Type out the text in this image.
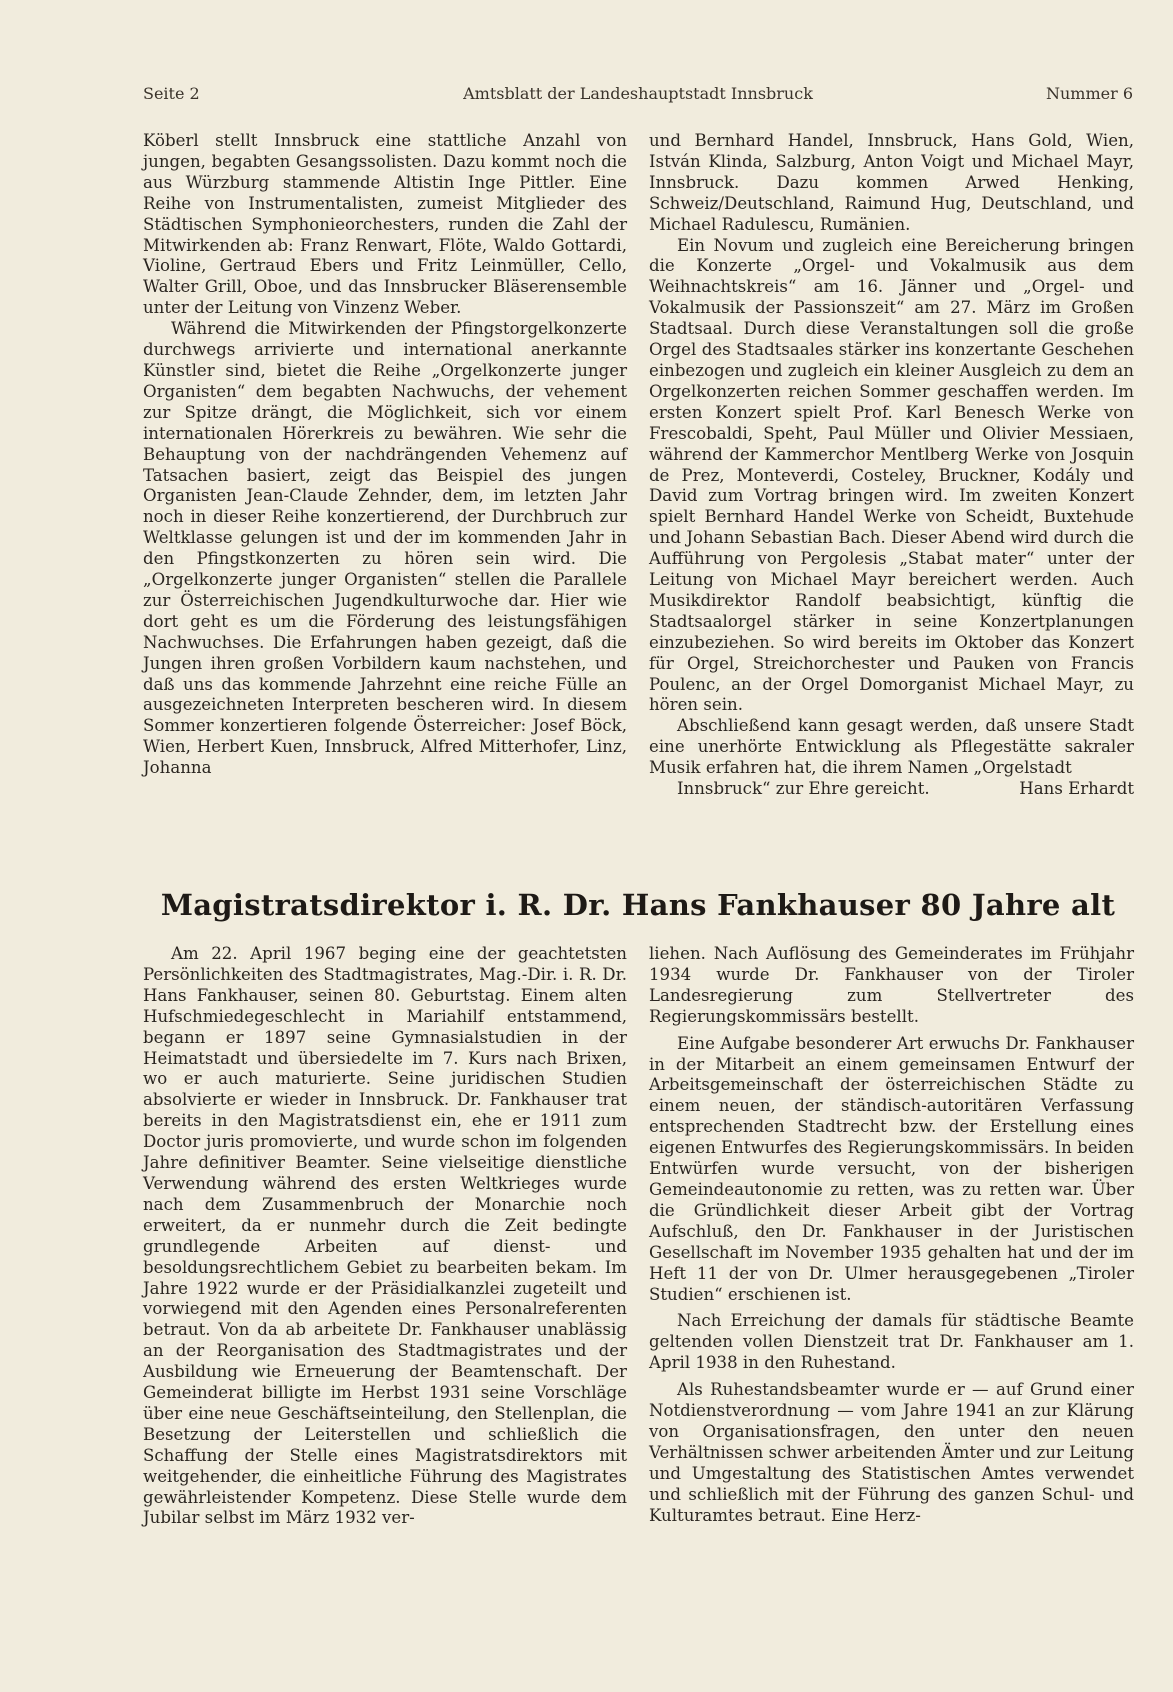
Seite 2	Amtsblatt der Landeshauptstadt Innsbruck	Nummer 6

Köberl stellt Innsbruck eine stattliche Anzahl von jungen, begabten Gesangssolisten. Dazu kommt noch die aus Würzburg stammende Altistin Inge Pittler. Eine Reihe von Instrumentalisten, zumeist Mitglieder des Städtischen Symphonieorchesters, runden die Zahl der Mitwirkenden ab: Franz Renwart, Flöte, Waldo Gottardi, Violine, Gertraud Ebers und Fritz Leinmüller, Cello, Walter Grill, Oboe, und das Innsbrucker Bläserensemble unter der Leitung von Vinzenz Weber.

Während die Mitwirkenden der Pfingstorgelkonzerte durchwegs arrivierte und international anerkannte Künstler sind, bietet die Reihe „Orgelkonzerte junger Organisten“ dem begabten Nachwuchs, der vehement zur Spitze drängt, die Möglichkeit, sich vor einem internationalen Hörerkreis zu bewähren. Wie sehr die Behauptung von der nachdrängenden Vehemenz auf Tatsachen basiert, zeigt das Beispiel des jungen Organisten Jean-Claude Zehnder, dem, im letzten Jahr noch in dieser Reihe konzertierend, der Durchbruch zur Weltklasse gelungen ist und der im kommenden Jahr in den Pfingstkonzerten zu hören sein wird. Die „Orgelkonzerte junger Organisten“ stellen die Parallele zur Österreichischen Jugendkulturwoche dar. Hier wie dort geht es um die Förderung des leistungsfähigen Nachwuchses. Die Erfahrungen haben gezeigt, daß die Jungen ihren großen Vorbildern kaum nachstehen, und daß uns das kommende Jahrzehnt eine reiche Fülle an ausgezeichneten Interpreten bescheren wird. In diesem Sommer konzertieren folgende Österreicher: Josef Böck, Wien, Herbert Kuen, Innsbruck, Alfred Mitterhofer, Linz, Johanna

und Bernhard Handel, Innsbruck, Hans Gold, Wien, István Klinda, Salzburg, Anton Voigt und Michael Mayr, Innsbruck. Dazu kommen Arwed Henking, Schweiz/Deutschland, Raimund Hug, Deutschland, und Michael Radulescu, Rumänien.

Ein Novum und zugleich eine Bereicherung bringen die Konzerte „Orgel- und Vokalmusik aus dem Weihnachtskreis“ am 16. Jänner und „Orgel- und Vokalmusik der Passionszeit“ am 27. März im Großen Stadtsaal. Durch diese Veranstaltungen soll die große Orgel des Stadtsaales stärker ins konzertante Geschehen einbezogen und zugleich ein kleiner Ausgleich zu dem an Orgelkonzerten reichen Sommer geschaffen werden. Im ersten Konzert spielt Prof. Karl Benesch Werke von Frescobaldi, Speht, Paul Müller und Olivier Messiaen, während der Kammerchor Mentlberg Werke von Josquin de Prez, Monteverdi, Costeley, Bruckner, Kodály und David zum Vortrag bringen wird. Im zweiten Konzert spielt Bernhard Handel Werke von Scheidt, Buxtehude und Johann Sebastian Bach. Dieser Abend wird durch die Aufführung von Pergolesis „Stabat mater“ unter der Leitung von Michael Mayr bereichert werden. Auch Musikdirektor Randolf beabsichtigt, künftig die Stadtsaalorgel stärker in seine Konzertplanungen einzubeziehen. So wird bereits im Oktober das Konzert für Orgel, Streichorchester und Pauken von Francis Poulenc, an der Orgel Domorganist Michael Mayr, zu hören sein.

Abschließend kann gesagt werden, daß unsere Stadt eine unerhörte Entwicklung als Pflegestätte sakraler Musik erfahren hat, die ihrem Namen „Orgelstadt

Innsbruck“ zur Ehre gereicht.	Hans Erhardt

Magistratsdirektor i. R. Dr. Hans Fankhauser 80 Jahre alt

Am 22. April 1967 beging eine der geachtetsten Persönlichkeiten des Stadtmagistrates, Mag.-Dir. i. R. Dr. Hans Fankhauser, seinen 80. Geburtstag. Einem alten Hufschmiedegeschlecht in Mariahilf entstammend, begann er 1897 seine Gymnasialstudien in der Heimatstadt und übersiedelte im 7. Kurs nach Brixen, wo er auch maturierte. Seine juridischen Studien absolvierte er wieder in Innsbruck. Dr. Fankhauser trat bereits in den Magistratsdienst ein, ehe er 1911 zum Doctor juris promovierte, und wurde schon im folgenden Jahre definitiver Beamter. Seine vielseitige dienstliche Verwendung während des ersten Weltkrieges wurde nach dem Zusammenbruch der Monarchie noch erweitert, da er nunmehr durch die Zeit bedingte grundlegende Arbeiten auf dienst- und besoldungsrechtlichem Gebiet zu bearbeiten bekam. Im Jahre 1922 wurde er der Präsidialkanzlei zugeteilt und vorwiegend mit den Agenden eines Personalreferenten betraut. Von da ab arbeitete Dr. Fankhauser unablässig an der Reorganisation des Stadtmagistrates und der Ausbildung wie Erneuerung der Beamtenschaft. Der Gemeinderat billigte im Herbst 1931 seine Vorschläge über eine neue Geschäftseinteilung, den Stellenplan, die Besetzung der Leiterstellen und schließlich die Schaffung der Stelle eines Magistratsdirektors mit weitgehender, die einheitliche Führung des Magistrates gewährleistender Kompetenz. Diese Stelle wurde dem Jubilar selbst im März 1932 ver-

liehen. Nach Auflösung des Gemeinderates im Frühjahr 1934 wurde Dr. Fankhauser von der Tiroler Landesregierung zum Stellvertreter des Regierungskommissärs bestellt.

Eine Aufgabe besonderer Art erwuchs Dr. Fankhauser in der Mitarbeit an einem gemeinsamen Entwurf der Arbeitsgemeinschaft der österreichischen Städte zu einem neuen, der ständisch-autoritären Verfassung entsprechenden Stadtrecht bzw. der Erstellung eines eigenen Entwurfes des Regierungskommissärs. In beiden Entwürfen wurde versucht, von der bisherigen Gemeindeautonomie zu retten, was zu retten war. Über die Gründlichkeit dieser Arbeit gibt der Vortrag Aufschluß, den Dr. Fankhauser in der Juristischen Gesellschaft im November 1935 gehalten hat und der im Heft 11 der von Dr. Ulmer herausgegebenen „Tiroler Studien“ erschienen ist.

Nach Erreichung der damals für städtische Beamte geltenden vollen Dienstzeit trat Dr. Fankhauser am 1. April 1938 in den Ruhestand.

Als Ruhestandsbeamter wurde er — auf Grund einer Notdienstverordnung — vom Jahre 1941 an zur Klärung von Organisationsfragen, den unter den neuen Verhältnissen schwer arbeitenden Ämter und zur Leitung und Umgestaltung des Statistischen Amtes verwendet und schließlich mit der Führung des ganzen Schul- und Kulturamtes betraut. Eine Herz-
